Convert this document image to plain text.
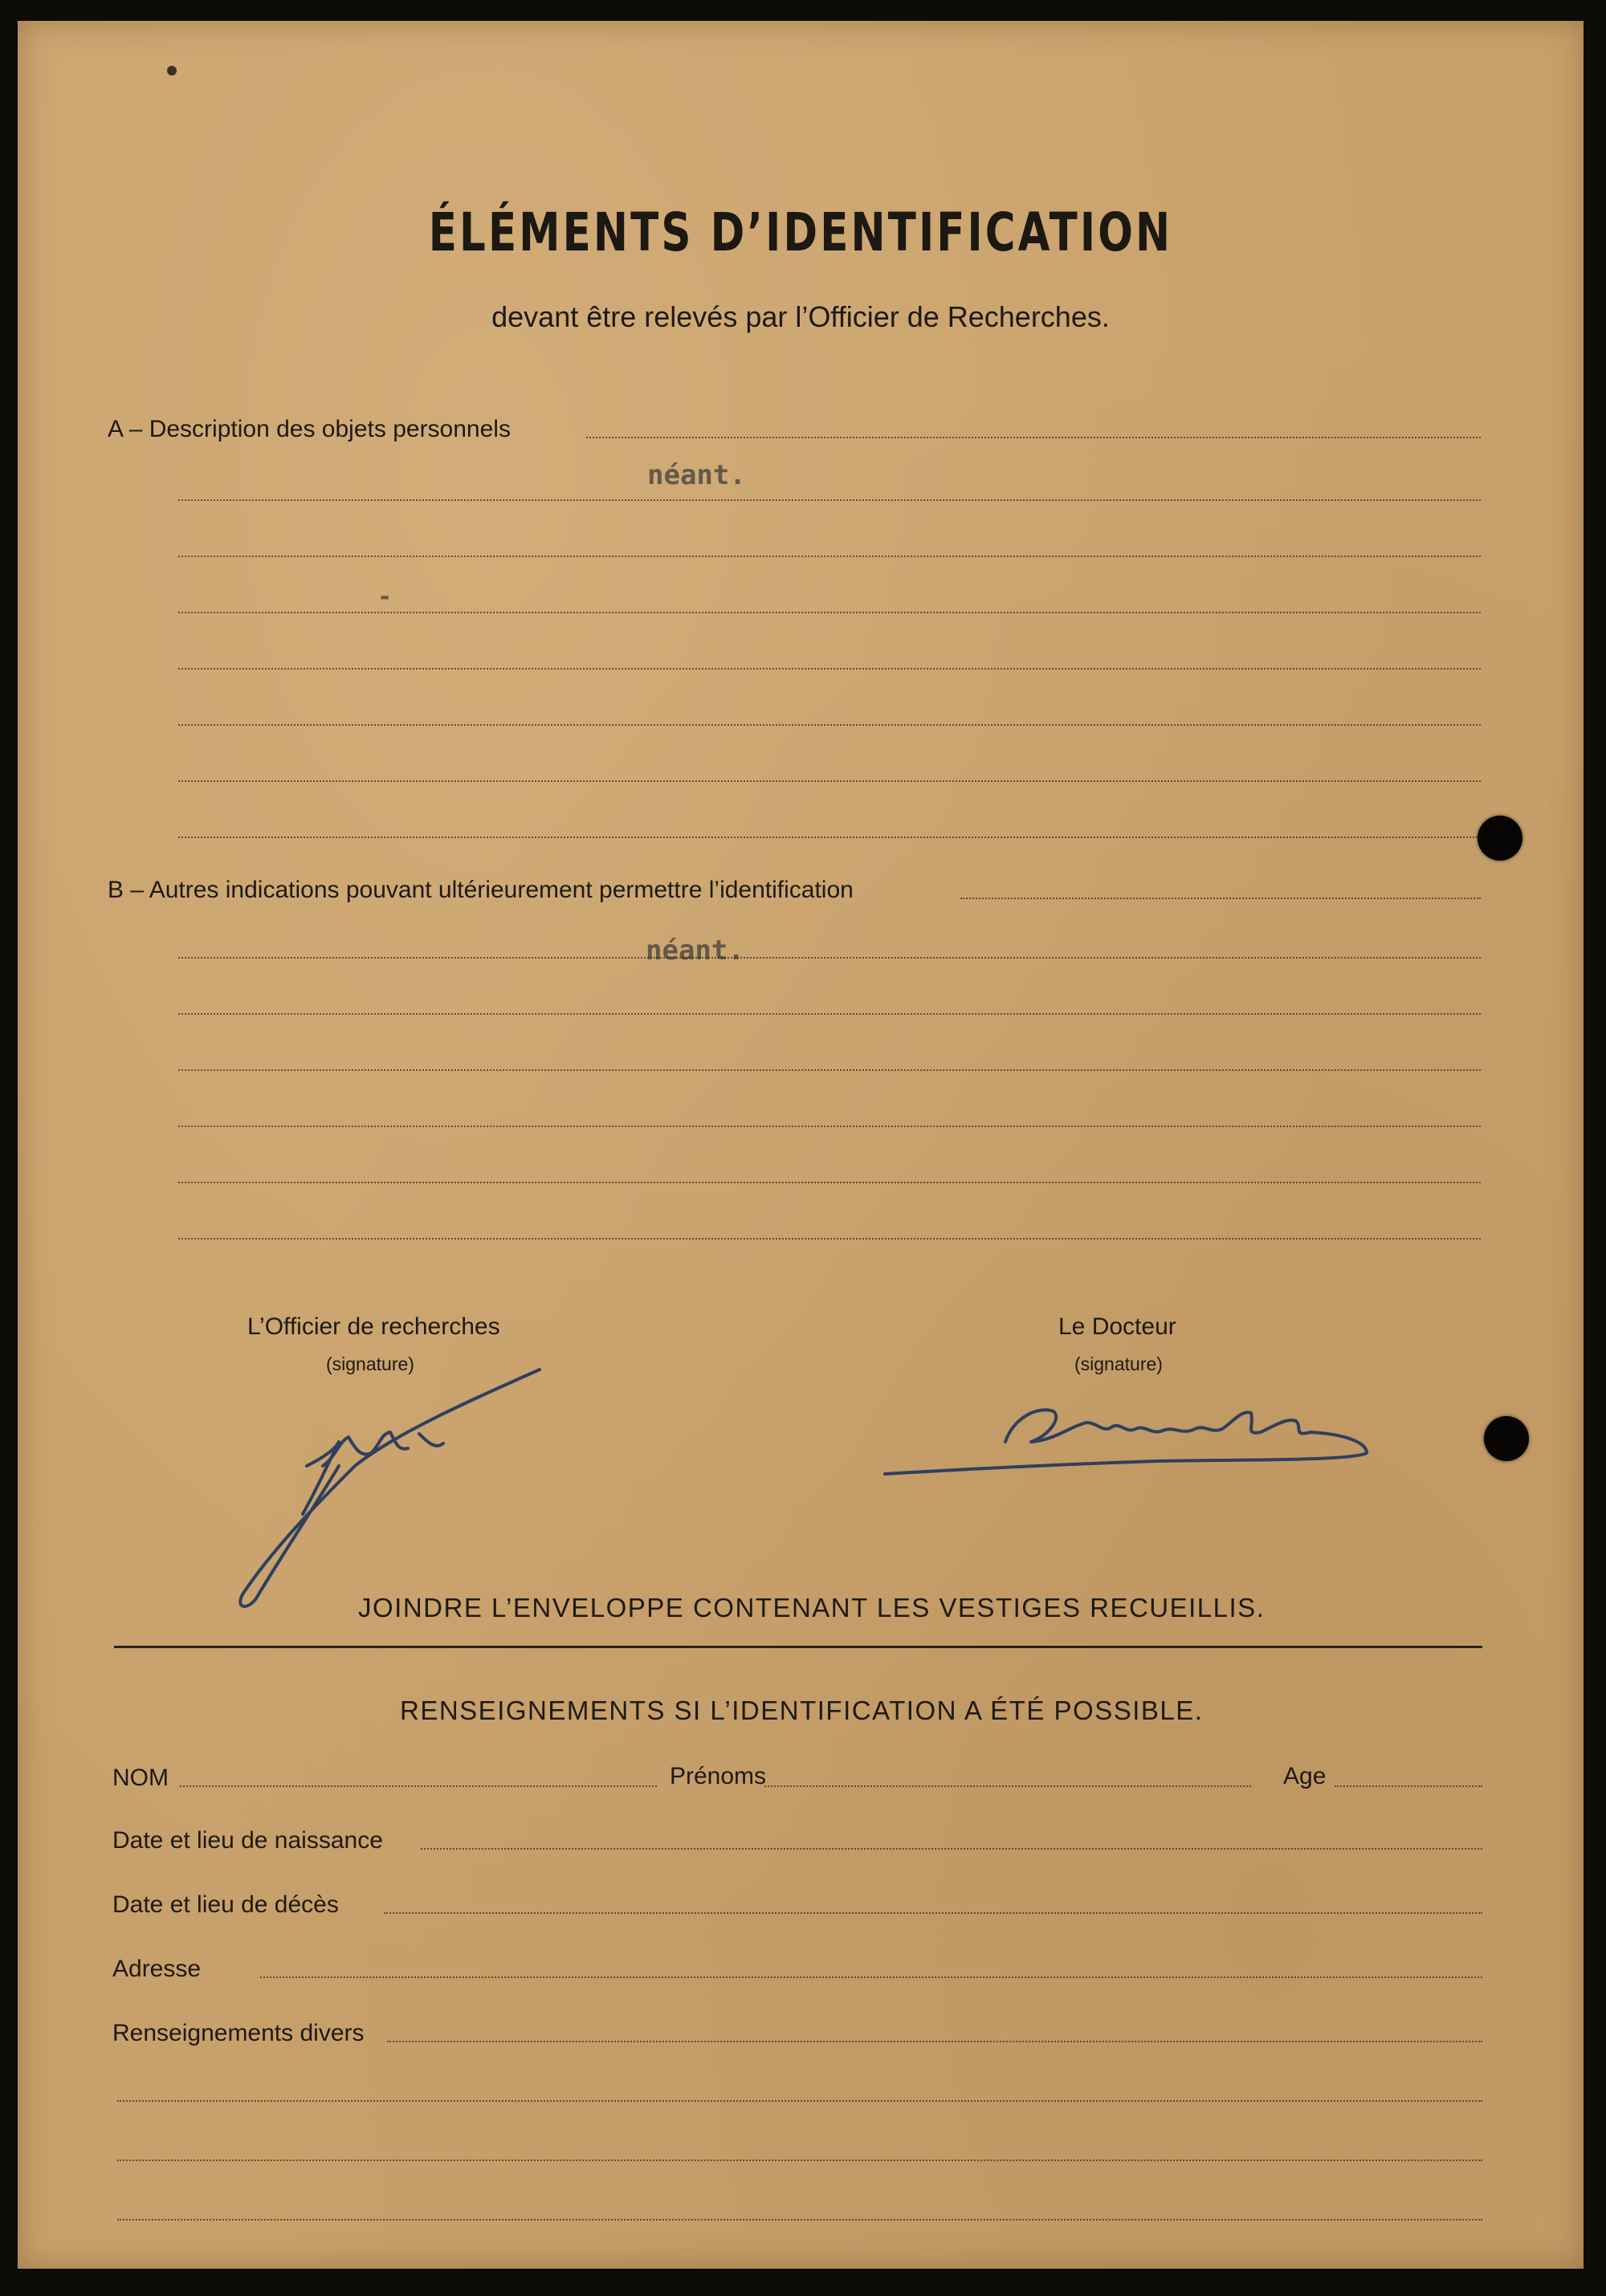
ÉLÉMENTS D’IDENTIFICATION
devant être relevés par l’Officier de Recherches.
A – Description des objets personnels
néant.
-
B – Autres indications pouvant ultérieurement permettre l’identification
néant.
L’Officier de recherches
(signature)
Le Docteur
(signature)
JOINDRE L’ENVELOPPE CONTENANT LES VESTIGES RECUEILLIS.
RENSEIGNEMENTS SI L’IDENTIFICATION A ÉTÉ POSSIBLE.
NOM	Prénoms	Age
Date et lieu de naissance
Date et lieu de décès
Adresse
Renseignements divers
